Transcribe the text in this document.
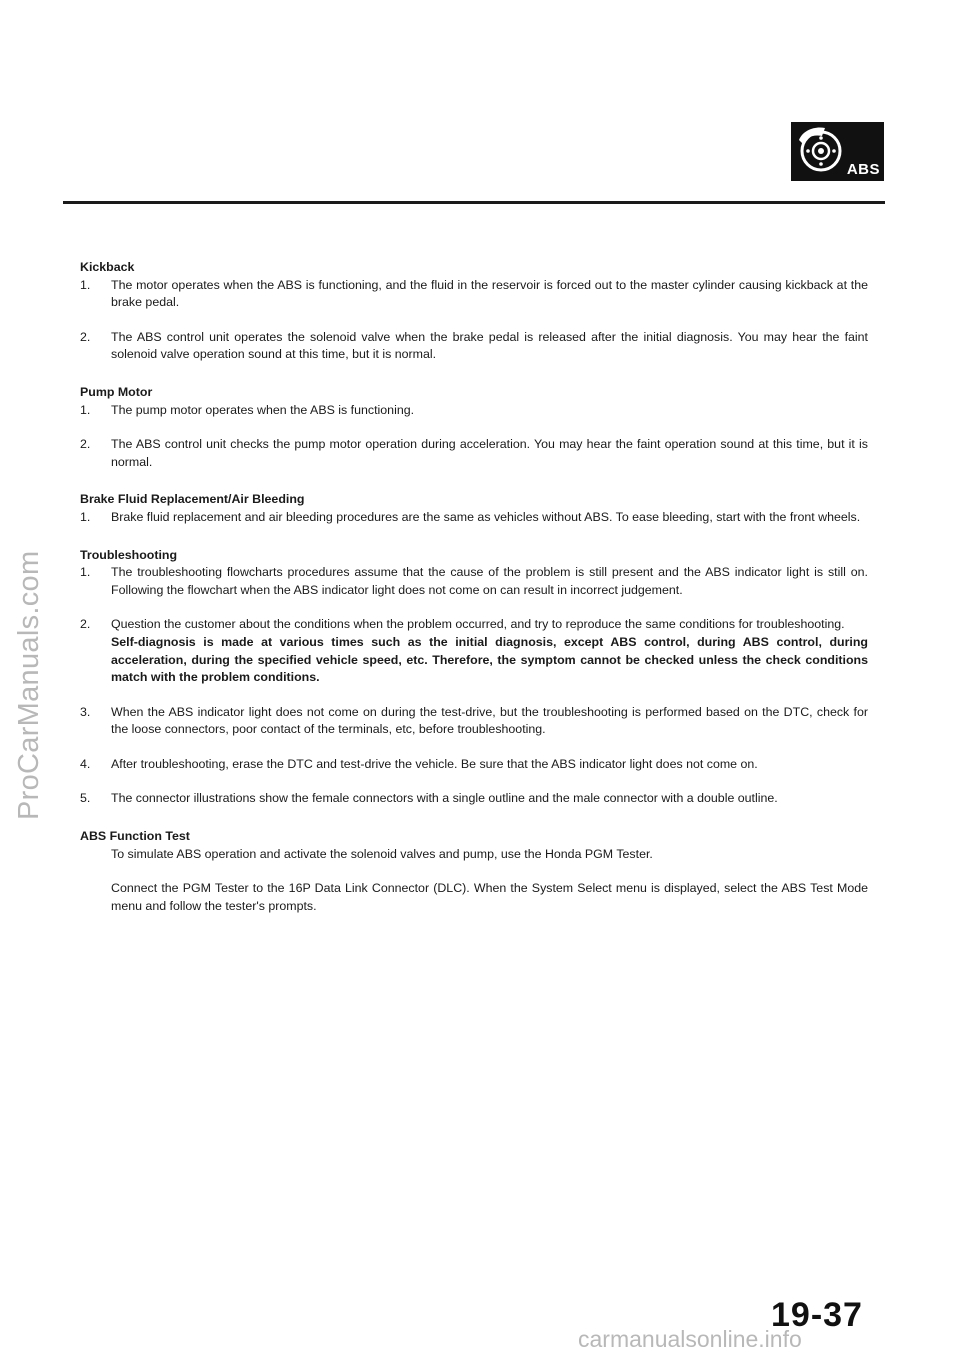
ProCarManuals.com
ABS

Kickback

1.	The motor operates when the ABS is functioning, and the fluid in the reservoir is forced out to the master cylinder causing kickback at the brake pedal.
2.	The ABS control unit operates the solenoid valve when the brake pedal is released after the initial diagnosis. You may hear the faint solenoid valve operation sound at this time, but it is normal.

Pump Motor

1.	The pump motor operates when the ABS is functioning.
2.	The ABS control unit checks the pump motor operation during acceleration. You may hear the faint operation sound at this time, but it is normal.

Brake Fluid Replacement/Air Bleeding

1.	Brake fluid replacement and air bleeding procedures are the same as vehicles without ABS. To ease bleeding, start with the front wheels.

Troubleshooting

1.	The troubleshooting flowcharts procedures assume that the cause of the problem is still present and the ABS indicator light is still on. Following the flowchart when the ABS indicator light does not come on can result in incorrect judgement.
2.	Question the customer about the conditions when the problem occurred, and try to reproduce the same conditions for troubleshooting.

Self-diagnosis is made at various times such as the initial diagnosis, except ABS control, during ABS control, during acceleration, during the specified vehicle speed, etc. Therefore, the symptom cannot be checked unless the check conditions match with the problem conditions.

3.	When the ABS indicator light does not come on during the test-drive, but the troubleshooting is performed based on the DTC, check for the loose connectors, poor contact of the terminals, etc, before troubleshooting.
4.	After troubleshooting, erase the DTC and test-drive the vehicle. Be sure that the ABS indicator light does not come on.
5.	The connector illustrations show the female connectors with a single outline and the male connector with a double outline.

ABS Function Test

To simulate ABS operation and activate the solenoid valves and pump, use the Honda PGM Tester.

Connect the PGM Tester to the 16P Data Link Connector (DLC). When the System Select menu is displayed, select the ABS Test Mode menu and follow the tester's prompts.

19-37
carmanualsonline.info
